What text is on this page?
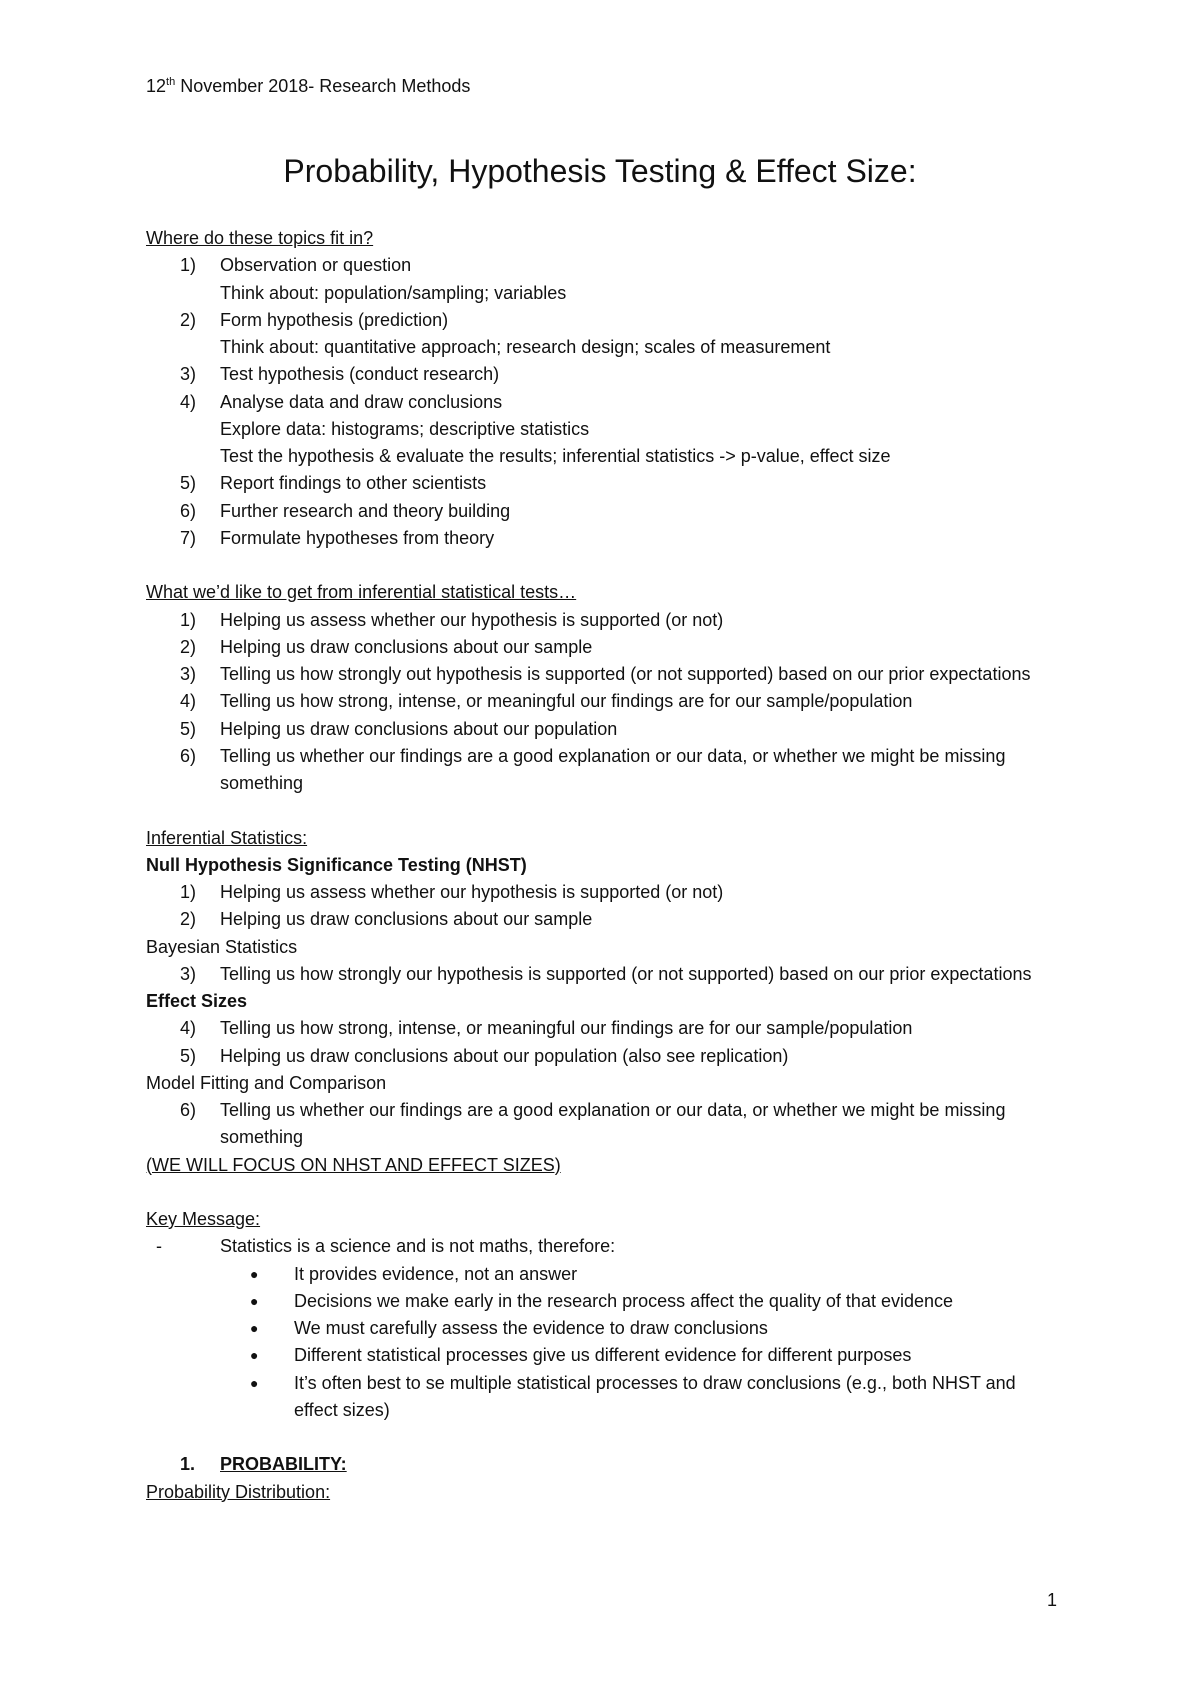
12th November 2018- Research Methods
Probability, Hypothesis Testing & Effect Size:
Where do these topics fit in?
1)	Observation or question
Think about: population/sampling; variables
2)	Form hypothesis (prediction)
Think about: quantitative approach; research design; scales of measurement
3)	Test hypothesis (conduct research)
4)	Analyse data and draw conclusions
Explore data: histograms; descriptive statistics
Test the hypothesis & evaluate the results; inferential statistics -> p-value, effect size
5)	Report findings to other scientists
6)	Further research and theory building
7)	Formulate hypotheses from theory
What we’d like to get from inferential statistical tests…
1)	Helping us assess whether our hypothesis is supported (or not)
2)	Helping us draw conclusions about our sample
3)	Telling us how strongly out hypothesis is supported (or not supported) based on our prior expectations
4)	Telling us how strong, intense, or meaningful our findings are for our sample/population
5)	Helping us draw conclusions about our population
6)	Telling us whether our findings are a good explanation or our data, or whether we might be missing something
Inferential Statistics:
Null Hypothesis Significance Testing (NHST)
1)	Helping us assess whether our hypothesis is supported (or not)
2)	Helping us draw conclusions about our sample
Bayesian Statistics
3)	Telling us how strongly our hypothesis is supported (or not supported) based on our prior expectations
Effect Sizes
4)	Telling us how strong, intense, or meaningful our findings are for our sample/population
5)	Helping us draw conclusions about our population (also see replication)
Model Fitting and Comparison
6)	Telling us whether our findings are a good explanation or our data, or whether we might be missing something
(WE WILL FOCUS ON NHST AND EFFECT SIZES)
Key Message:
-	Statistics is a science and is not maths, therefore:
●	It provides evidence, not an answer
●	Decisions we make early in the research process affect the quality of that evidence
●	We must carefully assess the evidence to draw conclusions
●	Different statistical processes give us different evidence for different purposes
●	It’s often best to se multiple statistical processes to draw conclusions (e.g., both NHST and effect sizes)
1.	PROBABILITY:
Probability Distribution:
1
